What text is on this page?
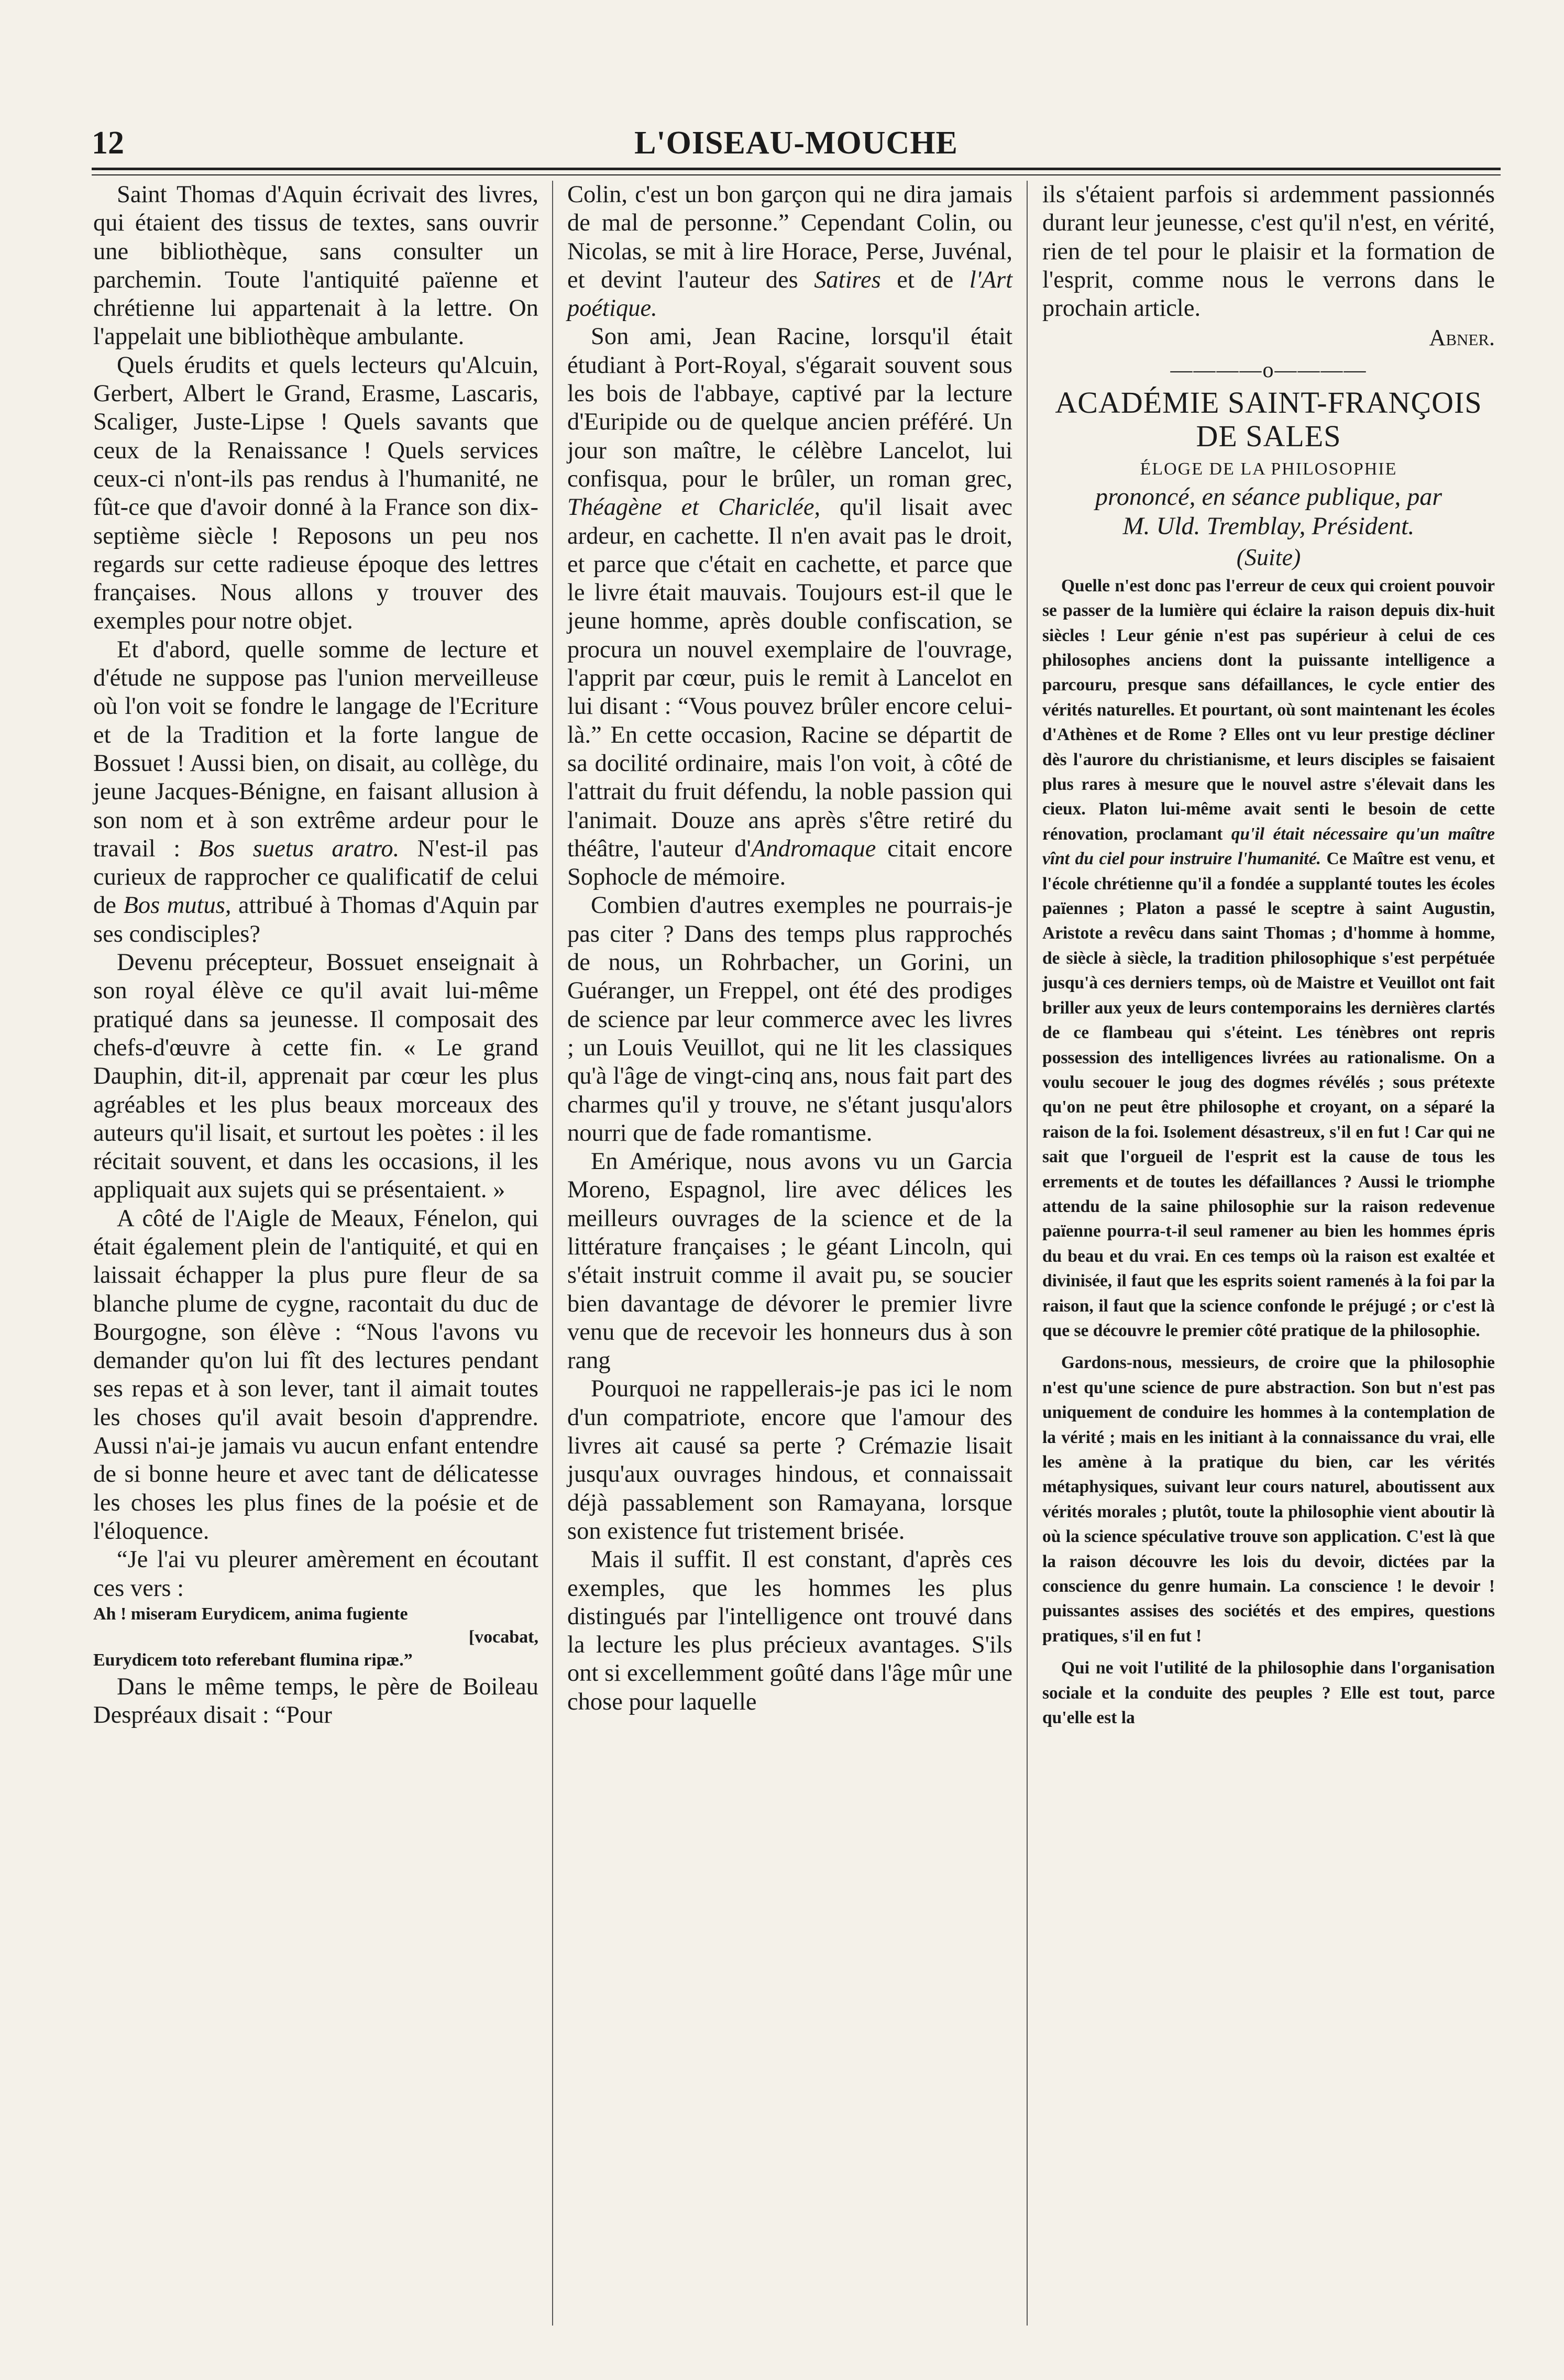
12	L'OISEAU-MOUCHE

Saint Thomas d'Aquin écrivait des livres, qui étaient des tissus de textes, sans ouvrir une bibliothèque, sans consulter un parchemin. Toute l'antiquité païenne et chrétienne lui appartenait à la lettre. On l'appelait une bibliothèque ambulante.

Quels érudits et quels lecteurs qu'Alcuin, Gerbert, Albert le Grand, Erasme, Lascaris, Scaliger, Juste-Lipse ! Quels savants que ceux de la Renaissance ! Quels services ceux-ci n'ont-ils pas rendus à l'humanité, ne fût-ce que d'avoir donné à la France son dix-septième siècle ! Reposons un peu nos regards sur cette radieuse époque des lettres françaises. Nous allons y trouver des exemples pour notre objet.

Et d'abord, quelle somme de lecture et d'étude ne suppose pas l'union merveilleuse où l'on voit se fondre le langage de l'Ecriture et de la Tradition et la forte langue de Bossuet ! Aussi bien, on disait, au collège, du jeune Jacques-Bénigne, en faisant allusion à son nom et à son extrême ardeur pour le travail : Bos suetus aratro. N'est-il pas curieux de rapprocher ce qualificatif de celui de Bos mutus, attribué à Thomas d'Aquin par ses condisciples?

Devenu précepteur, Bossuet enseignait à son royal élève ce qu'il avait lui-même pratiqué dans sa jeunesse. Il composait des chefs-d'œuvre à cette fin. « Le grand Dauphin, dit-il, apprenait par cœur les plus agréables et les plus beaux morceaux des auteurs qu'il lisait, et surtout les poètes : il les récitait souvent, et dans les occasions, il les appliquait aux sujets qui se présentaient. »

A côté de l'Aigle de Meaux, Fénelon, qui était également plein de l'antiquité, et qui en laissait échapper la plus pure fleur de sa blanche plume de cygne, racontait du duc de Bourgogne, son élève : “Nous l'avons vu demander qu'on lui fît des lectures pendant ses repas et à son lever, tant il aimait toutes les choses qu'il avait besoin d'apprendre. Aussi n'ai-je jamais vu aucun enfant entendre de si bonne heure et avec tant de délicatesse les choses les plus fines de la poésie et de l'éloquence.

“Je l'ai vu pleurer amèrement en écoutant ces vers :

Ah ! miseram Eurydicem, anima fugiente
[vocabat,
Eurydicem toto referebant flumina ripæ.”

Dans le même temps, le père de Boileau Despréaux disait : “Pour

Colin, c'est un bon garçon qui ne dira jamais de mal de personne.” Cependant Colin, ou Nicolas, se mit à lire Horace, Perse, Juvénal, et devint l'auteur des Satires et de l'Art poétique.

Son ami, Jean Racine, lorsqu'il était étudiant à Port-Royal, s'égarait souvent sous les bois de l'abbaye, captivé par la lecture d'Euripide ou de quelque ancien préféré. Un jour son maître, le célèbre Lancelot, lui confisqua, pour le brûler, un roman grec, Théagène et Chariclée, qu'il lisait avec ardeur, en cachette. Il n'en avait pas le droit, et parce que c'était en cachette, et parce que le livre était mauvais. Toujours est-il que le jeune homme, après double confiscation, se procura un nouvel exemplaire de l'ouvrage, l'apprit par cœur, puis le remit à Lancelot en lui disant : “Vous pouvez brûler encore celui-là.” En cette occasion, Racine se départit de sa docilité ordinaire, mais l'on voit, à côté de l'attrait du fruit défendu, la noble passion qui l'animait. Douze ans après s'être retiré du théâtre, l'auteur d'Andromaque citait encore Sophocle de mémoire.

Combien d'autres exemples ne pourrais-je pas citer ? Dans des temps plus rapprochés de nous, un Rohrbacher, un Gorini, un Guéranger, un Freppel, ont été des prodiges de science par leur commerce avec les livres ; un Louis Veuillot, qui ne lit les classiques qu'à l'âge de vingt-cinq ans, nous fait part des charmes qu'il y trouve, ne s'étant jusqu'alors nourri que de fade romantisme.

En Amérique, nous avons vu un Garcia Moreno, Espagnol, lire avec délices les meilleurs ouvrages de la science et de la littérature françaises ; le géant Lincoln, qui s'était instruit comme il avait pu, se soucier bien davantage de dévorer le premier livre venu que de recevoir les honneurs dus à son rang

Pourquoi ne rappellerais-je pas ici le nom d'un compatriote, encore que l'amour des livres ait causé sa perte ? Crémazie lisait jusqu'aux ouvrages hindous, et connaissait déjà passablement son Ramayana, lorsque son existence fut tristement brisée.

Mais il suffit. Il est constant, d'après ces exemples, que les hommes les plus distingués par l'intelligence ont trouvé dans la lecture les plus précieux avantages. S'ils ont si excellemment goûté dans l'âge mûr une chose pour laquelle

ils s'étaient parfois si ardemment passionnés durant leur jeunesse, c'est qu'il n'est, en vérité, rien de tel pour le plaisir et la formation de l'esprit, comme nous le verrons dans le prochain article.

Abner.
————o————
ACADÉMIE SAINT-FRANÇOIS
DE SALES
ÉLOGE DE LA PHILOSOPHIE
prononcé, en séance publique, par
M. Uld. Tremblay, Président.
(Suite)

Quelle n'est donc pas l'erreur de ceux qui croient pouvoir se passer de la lumière qui éclaire la raison depuis dix-huit siècles ! Leur génie n'est pas supérieur à celui de ces philosophes anciens dont la puissante intelligence a parcouru, presque sans défaillances, le cycle entier des vérités naturelles. Et pourtant, où sont maintenant les écoles d'Athènes et de Rome ? Elles ont vu leur prestige décliner dès l'aurore du christianisme, et leurs disciples se faisaient plus rares à mesure que le nouvel astre s'élevait dans les cieux. Platon lui-même avait senti le besoin de cette rénovation, proclamant qu'il était nécessaire qu'un maître vînt du ciel pour instruire l'humanité. Ce Maître est venu, et l'école chrétienne qu'il a fondée a supplanté toutes les écoles païennes ; Platon a passé le sceptre à saint Augustin, Aristote a revêcu dans saint Thomas ; d'homme à homme, de siècle à siècle, la tradition philosophique s'est perpétuée jusqu'à ces derniers temps, où de Maistre et Veuillot ont fait briller aux yeux de leurs contemporains les dernières clartés de ce flambeau qui s'éteint. Les ténèbres ont repris possession des intelligences livrées au rationalisme. On a voulu secouer le joug des dogmes révélés ; sous prétexte qu'on ne peut être philosophe et croyant, on a séparé la raison de la foi. Isolement désastreux, s'il en fut ! Car qui ne sait que l'orgueil de l'esprit est la cause de tous les errements et de toutes les défaillances ? Aussi le triomphe attendu de la saine philosophie sur la raison redevenue païenne pourra-t-il seul ramener au bien les hommes épris du beau et du vrai. En ces temps où la raison est exaltée et divinisée, il faut que les esprits soient ramenés à la foi par la raison, il faut que la science confonde le préjugé ; or c'est là que se découvre le premier côté pratique de la philosophie.

Gardons-nous, messieurs, de croire que la philosophie n'est qu'une science de pure abstraction. Son but n'est pas uniquement de conduire les hommes à la contemplation de la vérité ; mais en les initiant à la connaissance du vrai, elle les amène à la pratique du bien, car les vérités métaphysiques, suivant leur cours naturel, aboutissent aux vérités morales ; plutôt, toute la philosophie vient aboutir là où la science spéculative trouve son application. C'est là que la raison découvre les lois du devoir, dictées par la conscience du genre humain. La conscience ! le devoir ! puissantes assises des sociétés et des empires, questions pratiques, s'il en fut !

Qui ne voit l'utilité de la philosophie dans l'organisation sociale et la conduite des peuples ? Elle est tout, parce qu'elle est la
